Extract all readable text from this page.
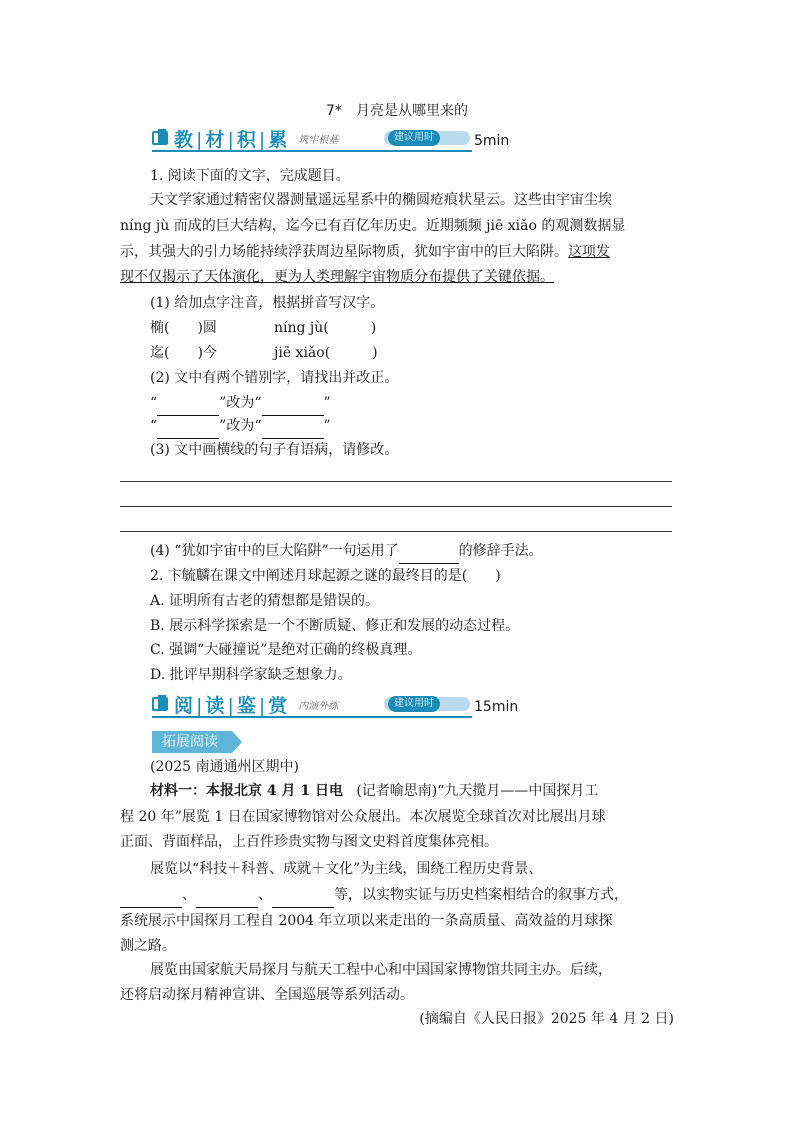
7* 月亮是从哪里来的
教 | 材 | 积 | 累 筑牢根基	建议用时	5min
1. 阅读下面的文字，完成题目。
天文学家通过精密仪器测量遥远星系中的椭圆疮痕状星云。这些由宇宙尘埃
níng jù 而成的巨大结构，迄今已有百亿年历史。近期频频 jiē xiǎo 的观测数据显
示，其强大的引力场能持续浮获周边星际物质，犹如宇宙中的巨大陷阱。这项发
现不仅揭示了天体演化，更为人类理解宇宙物质分布提供了关键依据。
(1) 给加点字注音，根据拼音写汉字。
椭(　　)圆	níng jù(　　　)
迄(　　)今	jiē xiǎo(　　　)
(2) 文中有两个错别字，请找出并改正。
“	”改为“	”
“	”改为“	”
(3) 文中画横线的句子有语病，请修改。
(4) “犹如宇宙中的巨大陷阱”一句运用了	的修辞手法。
2. 卞毓麟在课文中阐述月球起源之谜的最终目的是(　　)
A. 证明所有古老的猜想都是错误的。
B. 展示科学探索是一个不断质疑、修正和发展的动态过程。
C. 强调“大碰撞说”是绝对正确的终极真理。
D. 批评早期科学家缺乏想象力。
阅 | 读 | 鉴 | 赏 内演外练	建议用时	15min
拓展阅读
(2025 南通通州区期中)
材料一：本报北京 4 月 1 日电 (记者喻思南)“九天揽月——中国探月工
程 20 年”展览 1 日在国家博物馆对公众展出。本次展览全球首次对比展出月球
正面、背面样品，上百件珍贵实物与图文史料首度集体亮相。
展览以“科技＋科普、成就＋文化”为主线，围绕工程历史背景、
、	、	等，以实物实证与历史档案相结合的叙事方式，
系统展示中国探月工程自 2004 年立项以来走出的一条高质量、高效益的月球探
测之路。
展览由国家航天局探月与航天工程中心和中国国家博物馆共同主办。后续，
还将启动探月精神宣讲、全国巡展等系列活动。
(摘编自《人民日报》2025 年 4 月 2 日)
